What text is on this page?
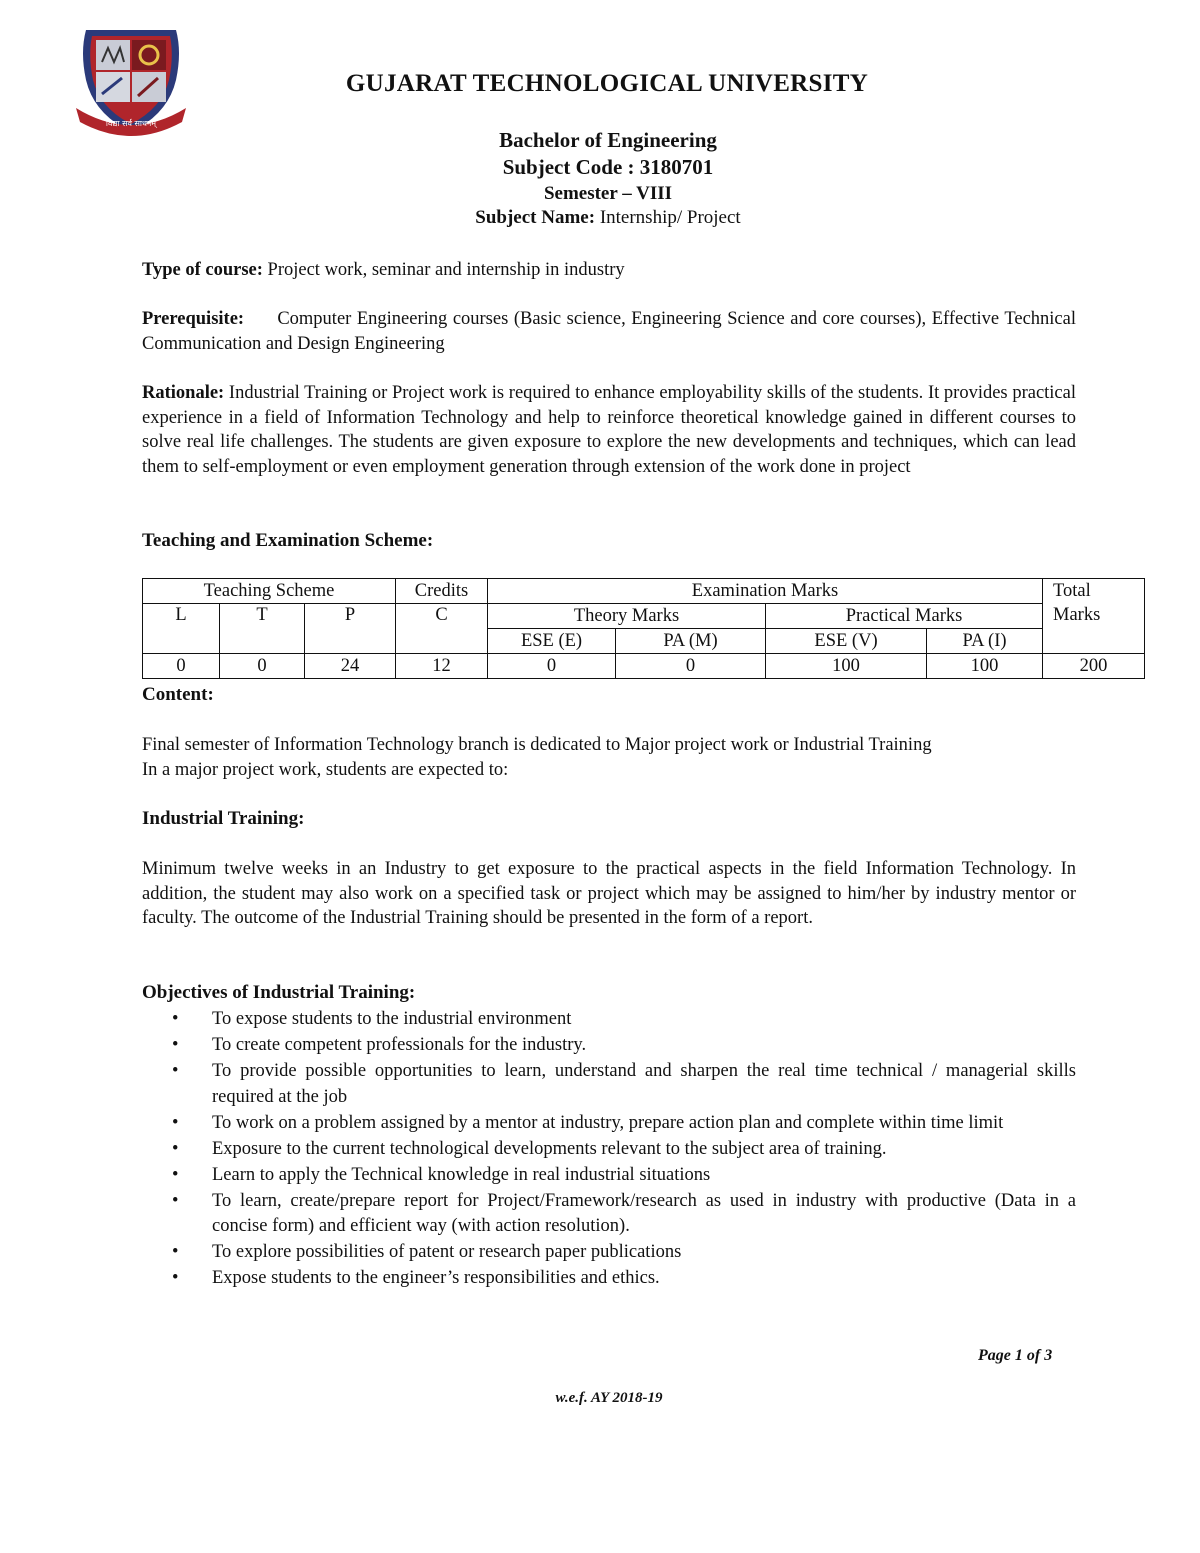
विद्या सर्व साधनम्
GUJARAT TECHNOLOGICAL UNIVERSITY
Bachelor of Engineering
Subject Code : 3180701
Semester – VIII
Subject Name: Internship/ Project

Type of course: Project work, seminar and internship in industry

Prerequisite: Computer Engineering courses (Basic science, Engineering Science and core courses), Effective Technical Communication and Design Engineering

Rationale: Industrial Training or Project work is required to enhance employability skills of the students. It provides practical experience in a field of Information Technology and help to reinforce theoretical knowledge gained in different courses to solve real life challenges. The students are given exposure to explore the new developments and techniques, which can lead them to self-employment or even employment generation through extension of the work done in project

Teaching and Examination Scheme:

Teaching Scheme			Credits	Examination Marks				Total
Marks
L	T	P	C	Theory Marks		Practical Marks		
				ESE (E)	PA (M)	ESE (V)	PA (I)	
0	0	24	12	0	0	100	100	200

Content:

Final semester of Information Technology branch is dedicated to Major project work or Industrial Training

In a major project work, students are expected to:

Industrial Training:

Minimum twelve weeks in an Industry to get exposure to the practical aspects in the field Information Technology. In addition, the student may also work on a specified task or project which may be assigned to him/her by industry mentor or faculty. The outcome of the Industrial Training should be presented in the form of a report.

Objectives of Industrial Training:

• To expose students to the industrial environment
• To create competent professionals for the industry.
• To provide possible opportunities to learn, understand and sharpen the real time technical / managerial skills required at the job
• To work on a problem assigned by a mentor at industry, prepare action plan and complete within time limit
• Exposure to the current technological developments relevant to the subject area of training.
• Learn to apply the Technical knowledge in real industrial situations
• To learn, create/prepare report for Project/Framework/research as used in industry with productive (Data in a concise form) and efficient way (with action resolution).
• To explore possibilities of patent or research paper publications
• Expose students to the engineer’s responsibilities and ethics.
Page 1 of 3
w.e.f. AY 2018-19
